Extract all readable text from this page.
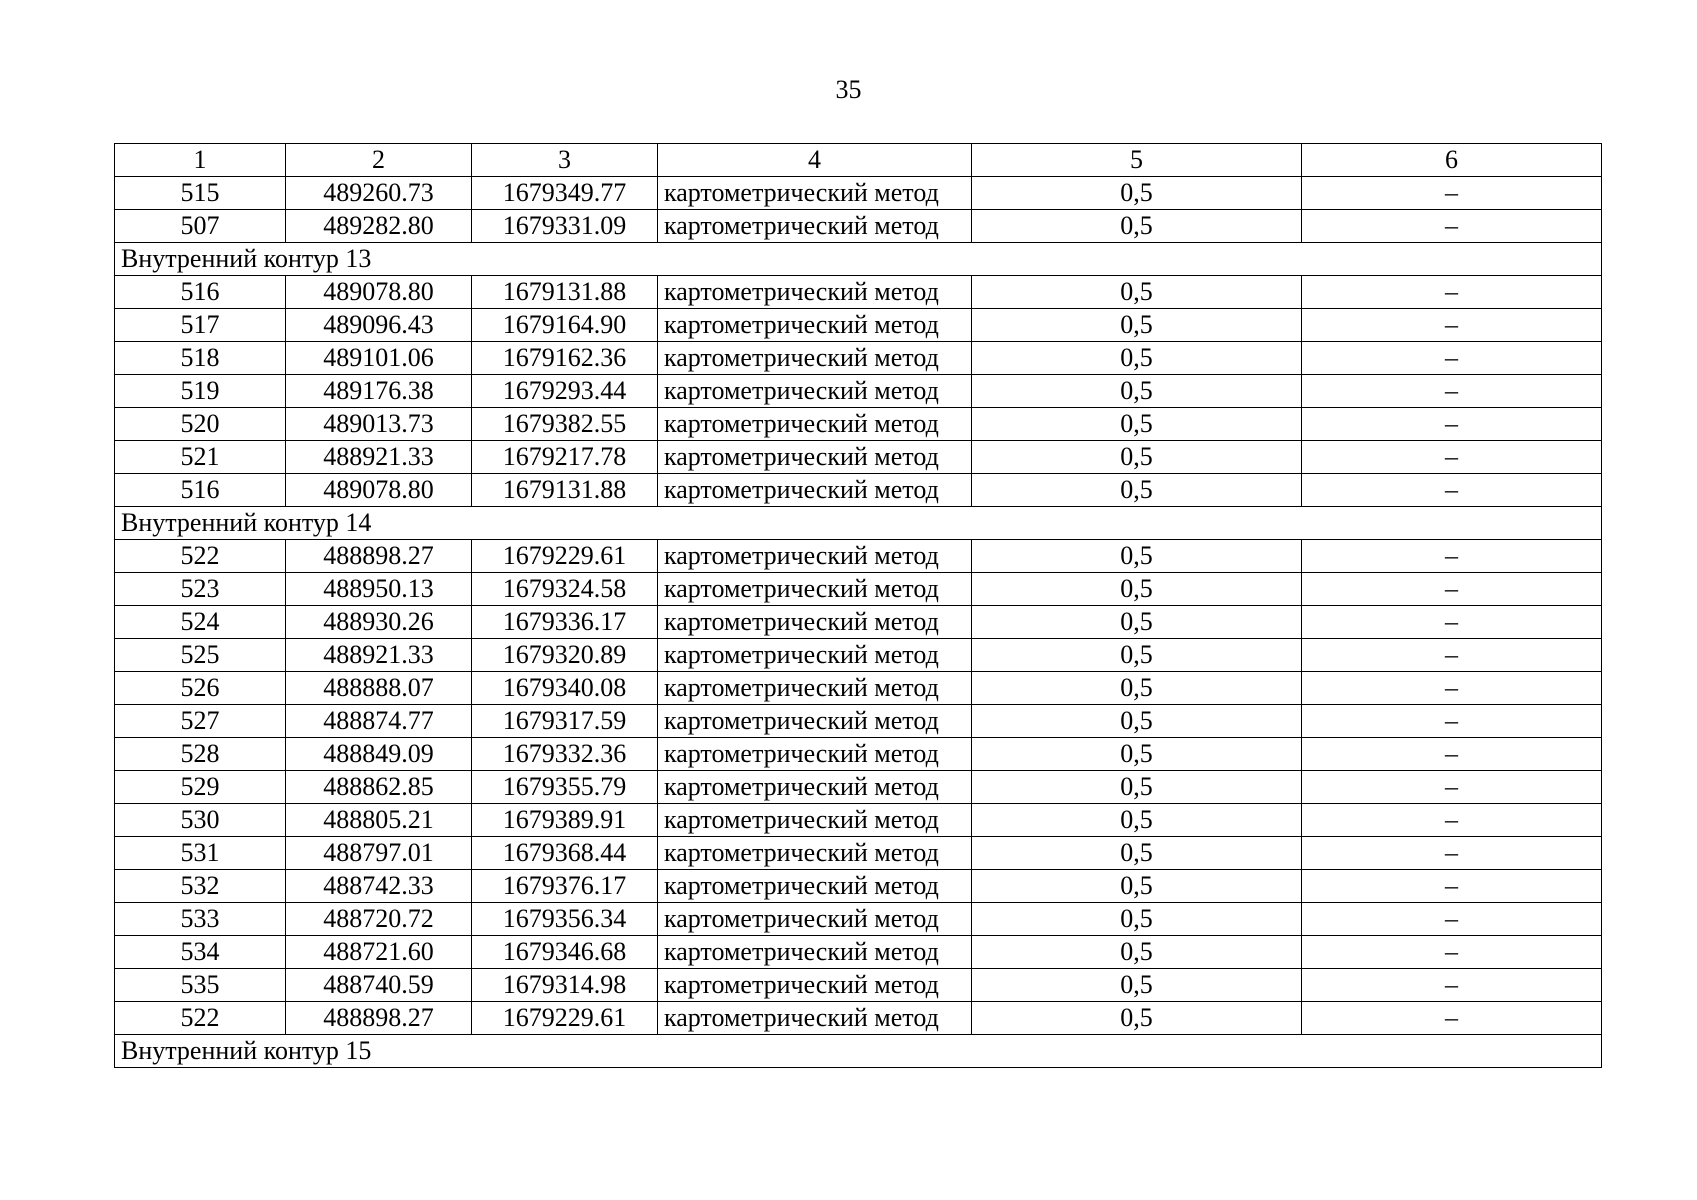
35
1	2	3	4	5	6
515	489260.73	1679349.77	картометрический метод	0,5	–
507	489282.80	1679331.09	картометрический метод	0,5	–
Внутренний контур 13					
516	489078.80	1679131.88	картометрический метод	0,5	–
517	489096.43	1679164.90	картометрический метод	0,5	–
518	489101.06	1679162.36	картометрический метод	0,5	–
519	489176.38	1679293.44	картометрический метод	0,5	–
520	489013.73	1679382.55	картометрический метод	0,5	–
521	488921.33	1679217.78	картометрический метод	0,5	–
516	489078.80	1679131.88	картометрический метод	0,5	–
Внутренний контур 14					
522	488898.27	1679229.61	картометрический метод	0,5	–
523	488950.13	1679324.58	картометрический метод	0,5	–
524	488930.26	1679336.17	картометрический метод	0,5	–
525	488921.33	1679320.89	картометрический метод	0,5	–
526	488888.07	1679340.08	картометрический метод	0,5	–
527	488874.77	1679317.59	картометрический метод	0,5	–
528	488849.09	1679332.36	картометрический метод	0,5	–
529	488862.85	1679355.79	картометрический метод	0,5	–
530	488805.21	1679389.91	картометрический метод	0,5	–
531	488797.01	1679368.44	картометрический метод	0,5	–
532	488742.33	1679376.17	картометрический метод	0,5	–
533	488720.72	1679356.34	картометрический метод	0,5	–
534	488721.60	1679346.68	картометрический метод	0,5	–
535	488740.59	1679314.98	картометрический метод	0,5	–
522	488898.27	1679229.61	картометрический метод	0,5	–
Внутренний контур 15					
